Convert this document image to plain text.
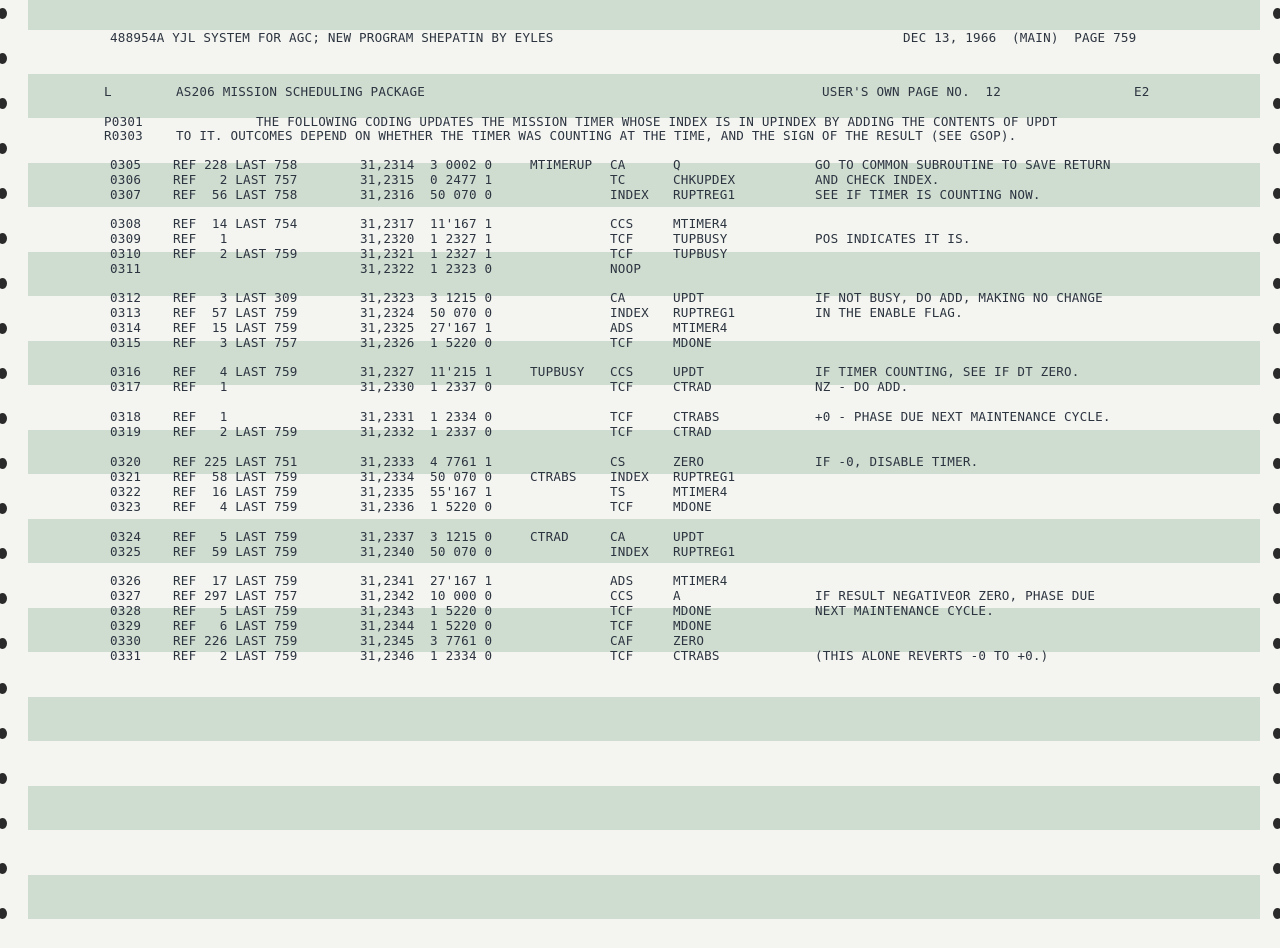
488954A YJL SYSTEM FOR AGC; NEW PROGRAM SHEPATIN BY EYLES	DEC 13, 1966  (MAIN)  PAGE 759
L	AS206 MISSION SCHEDULING PACKAGE	USER'S OWN PAGE NO.  12	E2
P0301	THE FOLLOWING CODING UPDATES THE MISSION TIMER WHOSE INDEX IS IN UPINDEX BY ADDING THE CONTENTS OF UPDT
R0303	TO IT. OUTCOMES DEPEND ON WHETHER THE TIMER WAS COUNTING AT THE TIME, AND THE SIGN OF THE RESULT (SEE GSOP).
0305	REF 228 LAST 758	31,2314  3 0002 0	MTIMERUP CA	Q	GO TO COMMON SUBROUTINE TO SAVE RETURN
0306	REF   2 LAST 757	31,2315  0 2477 1	TC	CHKUPDEX	AND CHECK INDEX.
0307	REF  56 LAST 758	31,2316  50 070 0	INDEX RUPTREG1	SEE IF TIMER IS COUNTING NOW.
0308	REF  14 LAST 754	31,2317  11'167 1	CCS	MTIMER4
0309	REF   1	31,2320  1 2327 1	TCF	TUPBUSY	POS INDICATES IT IS.
0310	REF   2 LAST 759	31,2321  1 2327 1	TCF	TUPBUSY
0311	31,2322  1 2323 0	NOOP
0312	REF   3 LAST 309	31,2323  3 1215 0	CA	UPDT	IF NOT BUSY, DO ADD, MAKING NO CHANGE
0313	REF  57 LAST 759	31,2324  50 070 0	INDEX RUPTREG1	IN THE ENABLE FLAG.
0314	REF  15 LAST 759	31,2325  27'167 1	ADS	MTIMER4
0315	REF   3 LAST 757	31,2326  1 5220 0	TCF	MDONE
0316	REF   4 LAST 759	31,2327  11'215 1	TUPBUSY CCS	UPDT	IF TIMER COUNTING, SEE IF DT ZERO.
0317	REF   1	31,2330  1 2337 0	TCF	CTRAD	NZ - DO ADD.
0318	REF   1	31,2331  1 2334 0	TCF	CTRABS	+0 - PHASE DUE NEXT MAINTENANCE CYCLE.
0319	REF   2 LAST 759	31,2332  1 2337 0	TCF	CTRAD
0320	REF 225 LAST 751	31,2333  4 7761 1	CS	ZERO	IF -0, DISABLE TIMER.
0321	REF  58 LAST 759	31,2334  50 070 0	CTRABS	INDEX RUPTREG1
0322	REF  16 LAST 759	31,2335  55'167 1	TS	MTIMER4
0323	REF   4 LAST 759	31,2336  1 5220 0	TCF	MDONE
0324	REF   5 LAST 759	31,2337  3 1215 0	CTRAD	CA	UPDT
0325	REF  59 LAST 759	31,2340  50 070 0	INDEX RUPTREG1
0326	REF  17 LAST 759	31,2341  27'167 1	ADS	MTIMER4
0327	REF 297 LAST 757	31,2342  10 000 0	CCS	A	IF RESULT NEGATIVEOR ZERO, PHASE DUE
0328	REF   5 LAST 759	31,2343  1 5220 0	TCF	MDONE	NEXT MAINTENANCE CYCLE.
0329	REF   6 LAST 759	31,2344  1 5220 0	TCF	MDONE
0330	REF 226 LAST 759	31,2345  3 7761 0	CAF	ZERO
0331	REF   2 LAST 759	31,2346  1 2334 0	TCF	CTRABS	(THIS ALONE REVERTS -0 TO +0.)
